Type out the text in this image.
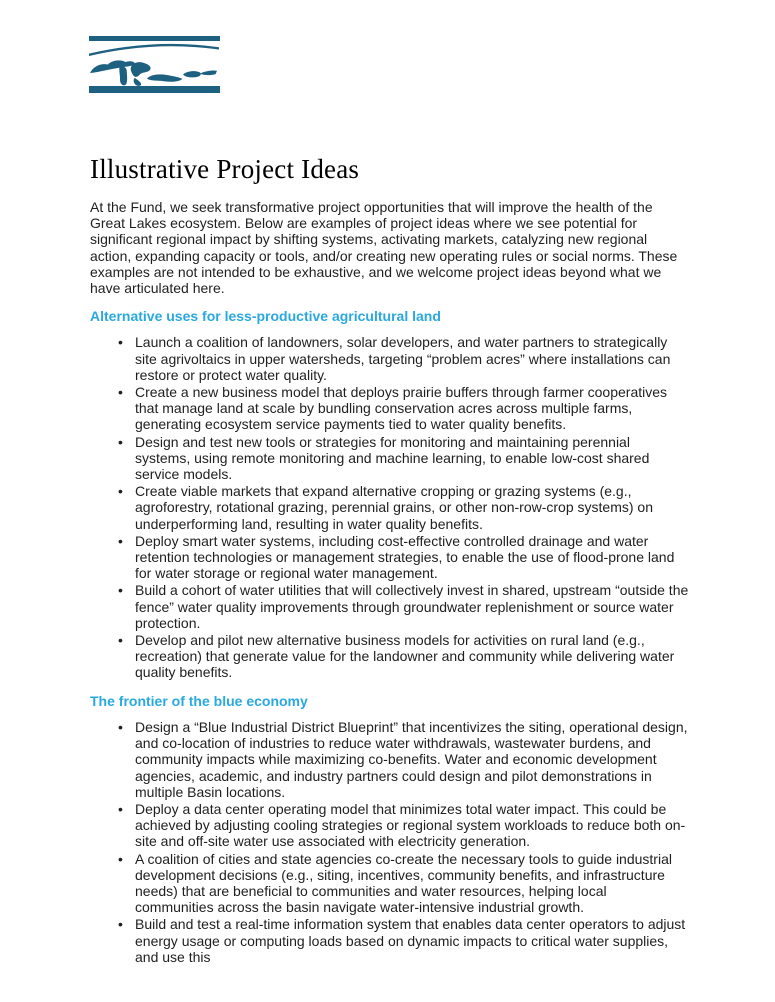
Illustrative Project Ideas

At the Fund, we seek transformative project opportunities that will improve the health of the Great Lakes ecosystem. Below are examples of project ideas where we see potential for significant regional impact by shifting systems, activating markets, catalyzing new regional action, expanding capacity or tools, and/or creating new operating rules or social norms. These examples are not intended to be exhaustive, and we welcome project ideas beyond what we have articulated here.

Alternative uses for less-productive agricultural land
• Launch a coalition of landowners, solar developers, and water partners to strategically site agrivoltaics in upper watersheds, targeting “problem acres” where installations can restore or protect water quality.
• Create a new business model that deploys prairie buffers through farmer cooperatives that manage land at scale by bundling conservation acres across multiple farms, generating ecosystem service payments tied to water quality benefits.
• Design and test new tools or strategies for monitoring and maintaining perennial systems, using remote monitoring and machine learning, to enable low-cost shared service models.
• Create viable markets that expand alternative cropping or grazing systems (e.g., agroforestry, rotational grazing, perennial grains, or other non-row-crop systems) on underperforming land, resulting in water quality benefits.
• Deploy smart water systems, including cost-effective controlled drainage and water retention technologies or management strategies, to enable the use of flood-prone land for water storage or regional water management.
• Build a cohort of water utilities that will collectively invest in shared, upstream “outside the fence” water quality improvements through groundwater replenishment or source water protection.
• Develop and pilot new alternative business models for activities on rural land (e.g., recreation) that generate value for the landowner and community while delivering water quality benefits.
The frontier of the blue economy
• Design a “Blue Industrial District Blueprint” that incentivizes the siting, operational design, and co-location of industries to reduce water withdrawals, wastewater burdens, and community impacts while maximizing co-benefits. Water and economic development agencies, academic, and industry partners could design and pilot demonstrations in multiple Basin locations.
• Deploy a data center operating model that minimizes total water impact. This could be achieved by adjusting cooling strategies or regional system workloads to reduce both on-site and off-site water use associated with electricity generation.
• A coalition of cities and state agencies co-create the necessary tools to guide industrial development decisions (e.g., siting, incentives, community benefits, and infrastructure needs) that are beneficial to communities and water resources, helping local communities across the basin navigate water-intensive industrial growth.
• Build and test a real-time information system that enables data center operators to adjust energy usage or computing loads based on dynamic impacts to critical water supplies, and use this
